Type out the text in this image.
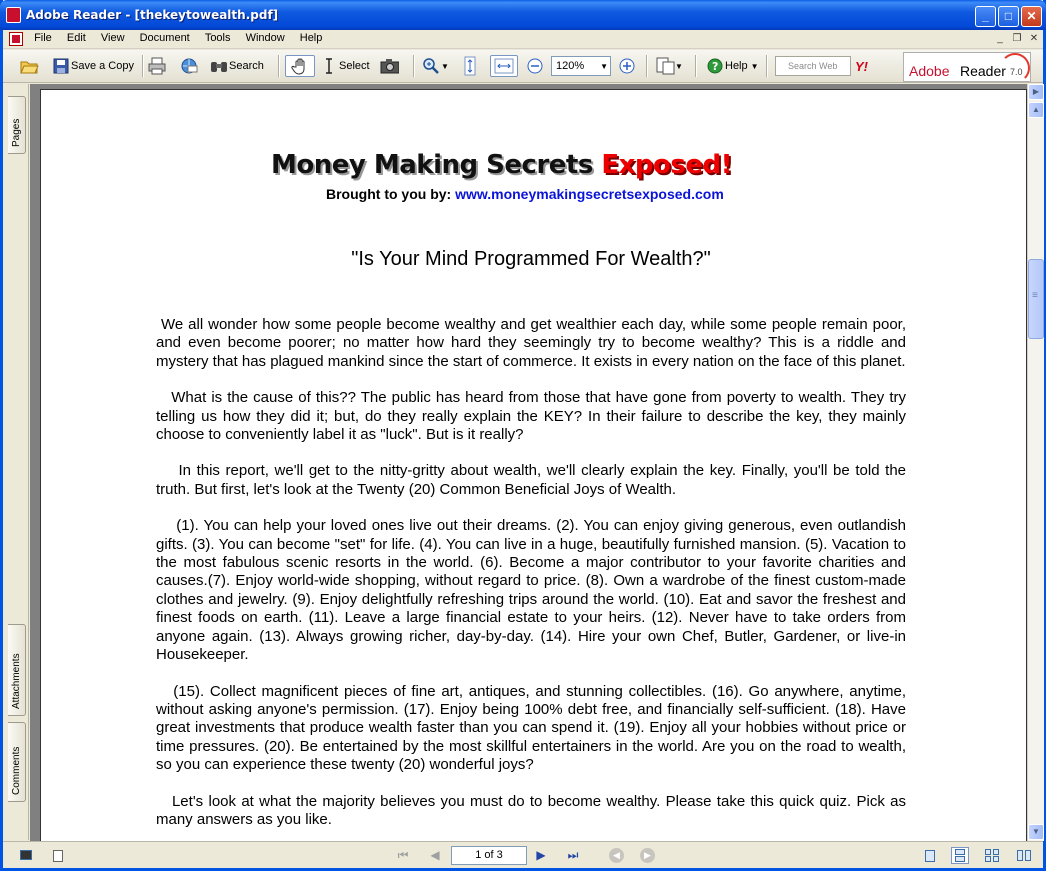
Adobe Reader - [thekeytowealth.pdf]	_	□	✕
File Edit View Document Tools Window Help	_ ❐ ✕
Save a Copy	Search	Select	▼	▼	? Help ▼	Y!
120% ▼	Search Web	Adobe Reader 7.0
Pages
Attachments
Comments
Money Making Secrets Exposed!
Brought to you by: www.moneymakingsecretsexposed.com
"Is Your Mind Programmed For Wealth?"

We all wonder how some people become wealthy and get wealthier each day, while some people remain poor, and even become poorer; no matter how hard they seemingly try to become wealthy? This is a riddle and mystery that has plagued mankind since the start of commerce. It exists in every nation on the face of this planet.

What is the cause of this?? The public has heard from those that have gone from poverty to wealth. They try telling us how they did it; but, do they really explain the KEY? In their failure to describe the key, they mainly choose to conveniently label it as "luck". But is it really?

In this report, we'll get to the nitty-gritty about wealth, we'll clearly explain the key. Finally, you'll be told the truth. But first, let's look at the Twenty (20) Common Beneficial Joys of Wealth.

(1). You can help your loved ones live out their dreams. (2). You can enjoy giving generous, even outlandish gifts. (3). You can become "set" for life. (4). You can live in a huge, beautifully furnished mansion. (5). Vacation to the most fabulous scenic resorts in the world. (6). Become a major contributor to your favorite charities and causes.(7). Enjoy world-wide shopping, without regard to price. (8). Own a wardrobe of the finest custom-made clothes and jewelry. (9). Enjoy delightfully refreshing trips around the world. (10). Eat and savor the freshest and finest foods on earth. (11). Leave a large financial estate to your heirs. (12). Never have to take orders from anyone again. (13). Always growing richer, day-by-day. (14). Hire your own Chef, Butler, Gardener, or live-in Housekeeper.

(15). Collect magnificent pieces of fine art, antiques, and stunning collectibles. (16). Go anywhere, anytime, without asking anyone's permission. (17). Enjoy being 100% debt free, and financially self-sufficient. (18). Have great investments that produce wealth faster than you can spend it. (19). Enjoy all your hobbies without price or time pressures. (20). Be entertained by the most skillful entertainers in the world. Are you on the road to wealth, so you can experience these twenty (20) wonderful joys?

Let's look at what the majority believes you must do to become wealthy. Please take this quick quiz. Pick as many answers as you like.

▶
▲
≡
▼
⏮ ◀	1 of 3	▶ ⏭	◀	▶
